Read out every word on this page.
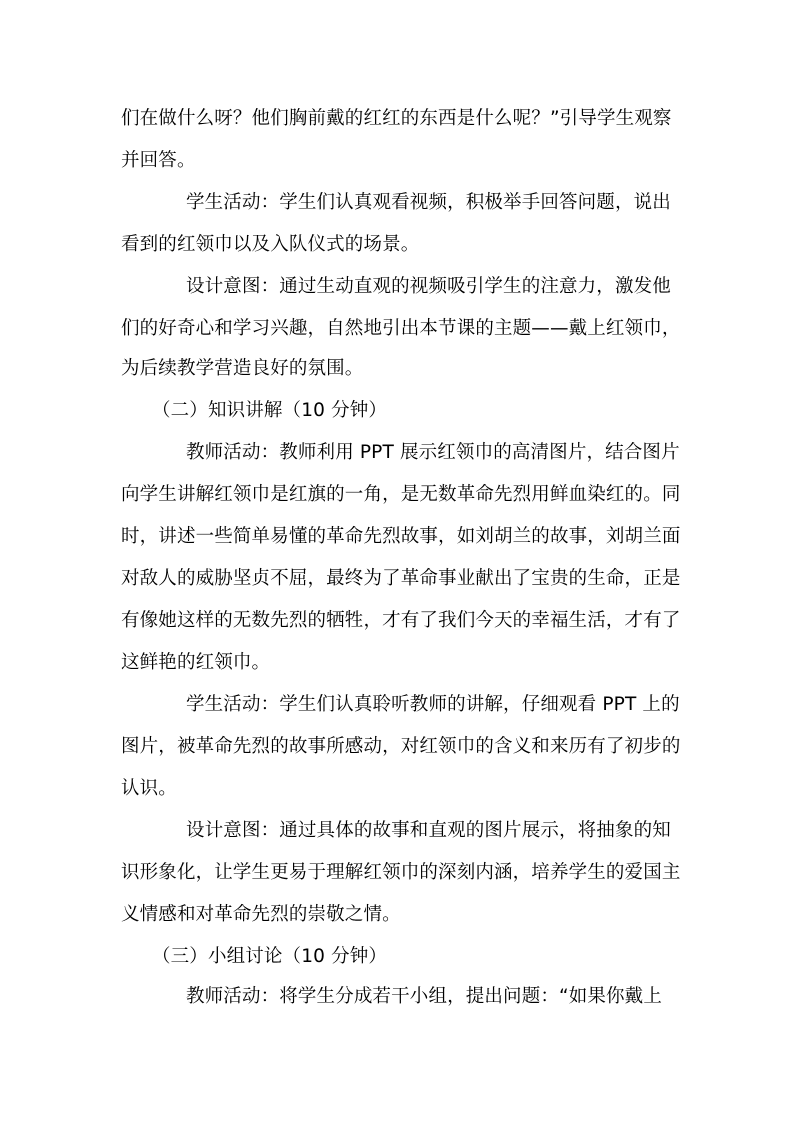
们在做什么呀？他们胸前戴的红红的东西是什么呢？”引导学生观察
并回答。
学生活动：学生们认真观看视频，积极举手回答问题，说出
看到的红领巾以及入队仪式的场景。
设计意图：通过生动直观的视频吸引学生的注意力，激发他
们的好奇心和学习兴趣，自然地引出本节课的主题——戴上红领巾，
为后续教学营造良好的氛围。
（二）知识讲解（10 分钟）
教师活动：教师利用 PPT 展示红领巾的高清图片，结合图片
向学生讲解红领巾是红旗的一角，是无数革命先烈用鲜血染红的。同
时，讲述一些简单易懂的革命先烈故事，如刘胡兰的故事，刘胡兰面
对敌人的威胁坚贞不屈，最终为了革命事业献出了宝贵的生命，正是
有像她这样的无数先烈的牺牲，才有了我们今天的幸福生活，才有了
这鲜艳的红领巾。
学生活动：学生们认真聆听教师的讲解，仔细观看 PPT 上的
图片，被革命先烈的故事所感动，对红领巾的含义和来历有了初步的
认识。
设计意图：通过具体的故事和直观的图片展示，将抽象的知
识形象化，让学生更易于理解红领巾的深刻内涵，培养学生的爱国主
义情感和对革命先烈的崇敬之情。
（三）小组讨论（10 分钟）
教师活动：将学生分成若干小组，提出问题：“如果你戴上
